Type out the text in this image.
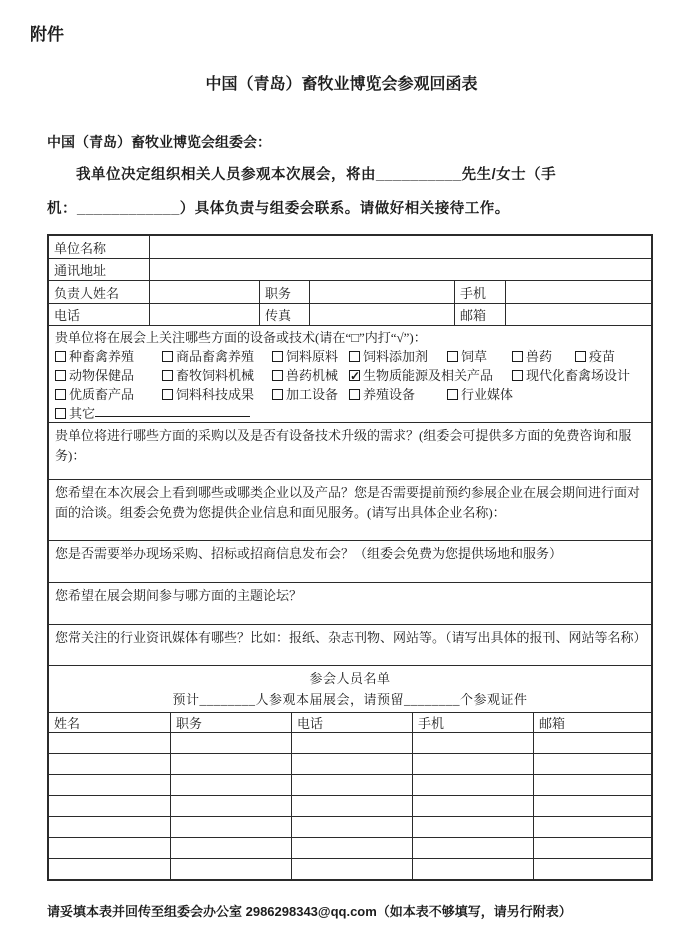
附件
中国（青岛）畜牧业博览会参观回函表
中国（青岛）畜牧业博览会组委会：
我单位决定组织相关人员参观本次展会，将由__________先生/女士（手
机：____________）具体负责与组委会联系。请做好相关接待工作。
单位名称
通讯地址
负责人姓名	职务	手机
电话	传真	邮箱
贵单位将在展会上关注哪些方面的设备或技术(请在“□”内打“√”)：
种畜禽养殖	商品畜禽养殖 饲料原料 饲料添加剂	饲草	兽药	疫苗
动物保健品	畜牧饲料机械 兽药机械 ✓ 生物质能源及相关产品	现代化畜禽场设计
优质畜产品	饲料科技成果 加工设备 养殖设备	行业媒体
其它
贵单位将进行哪些方面的采购以及是否有设备技术升级的需求？(组委会可提供多方面的免费咨询和服务)：
您希望在本次展会上看到哪些或哪类企业以及产品？您是否需要提前预约参展企业在展会期间进行面对面的洽谈。组委会免费为您提供企业信息和面见服务。(请写出具体企业名称)：
您是否需要举办现场采购、招标或招商信息发布会？（组委会免费为您提供场地和服务）
您希望在展会期间参与哪方面的主题论坛？
您常关注的行业资讯媒体有哪些？比如：报纸、杂志刊物、网站等。（请写出具体的报刊、网站等名称）
参会人员名单
预计________人参观本届展会，请预留________个参观证件
姓名	职务	电话	手机	邮箱
请妥填本表并回传至组委会办公室 2986298343@qq.com（如本表不够填写，请另行附表）
